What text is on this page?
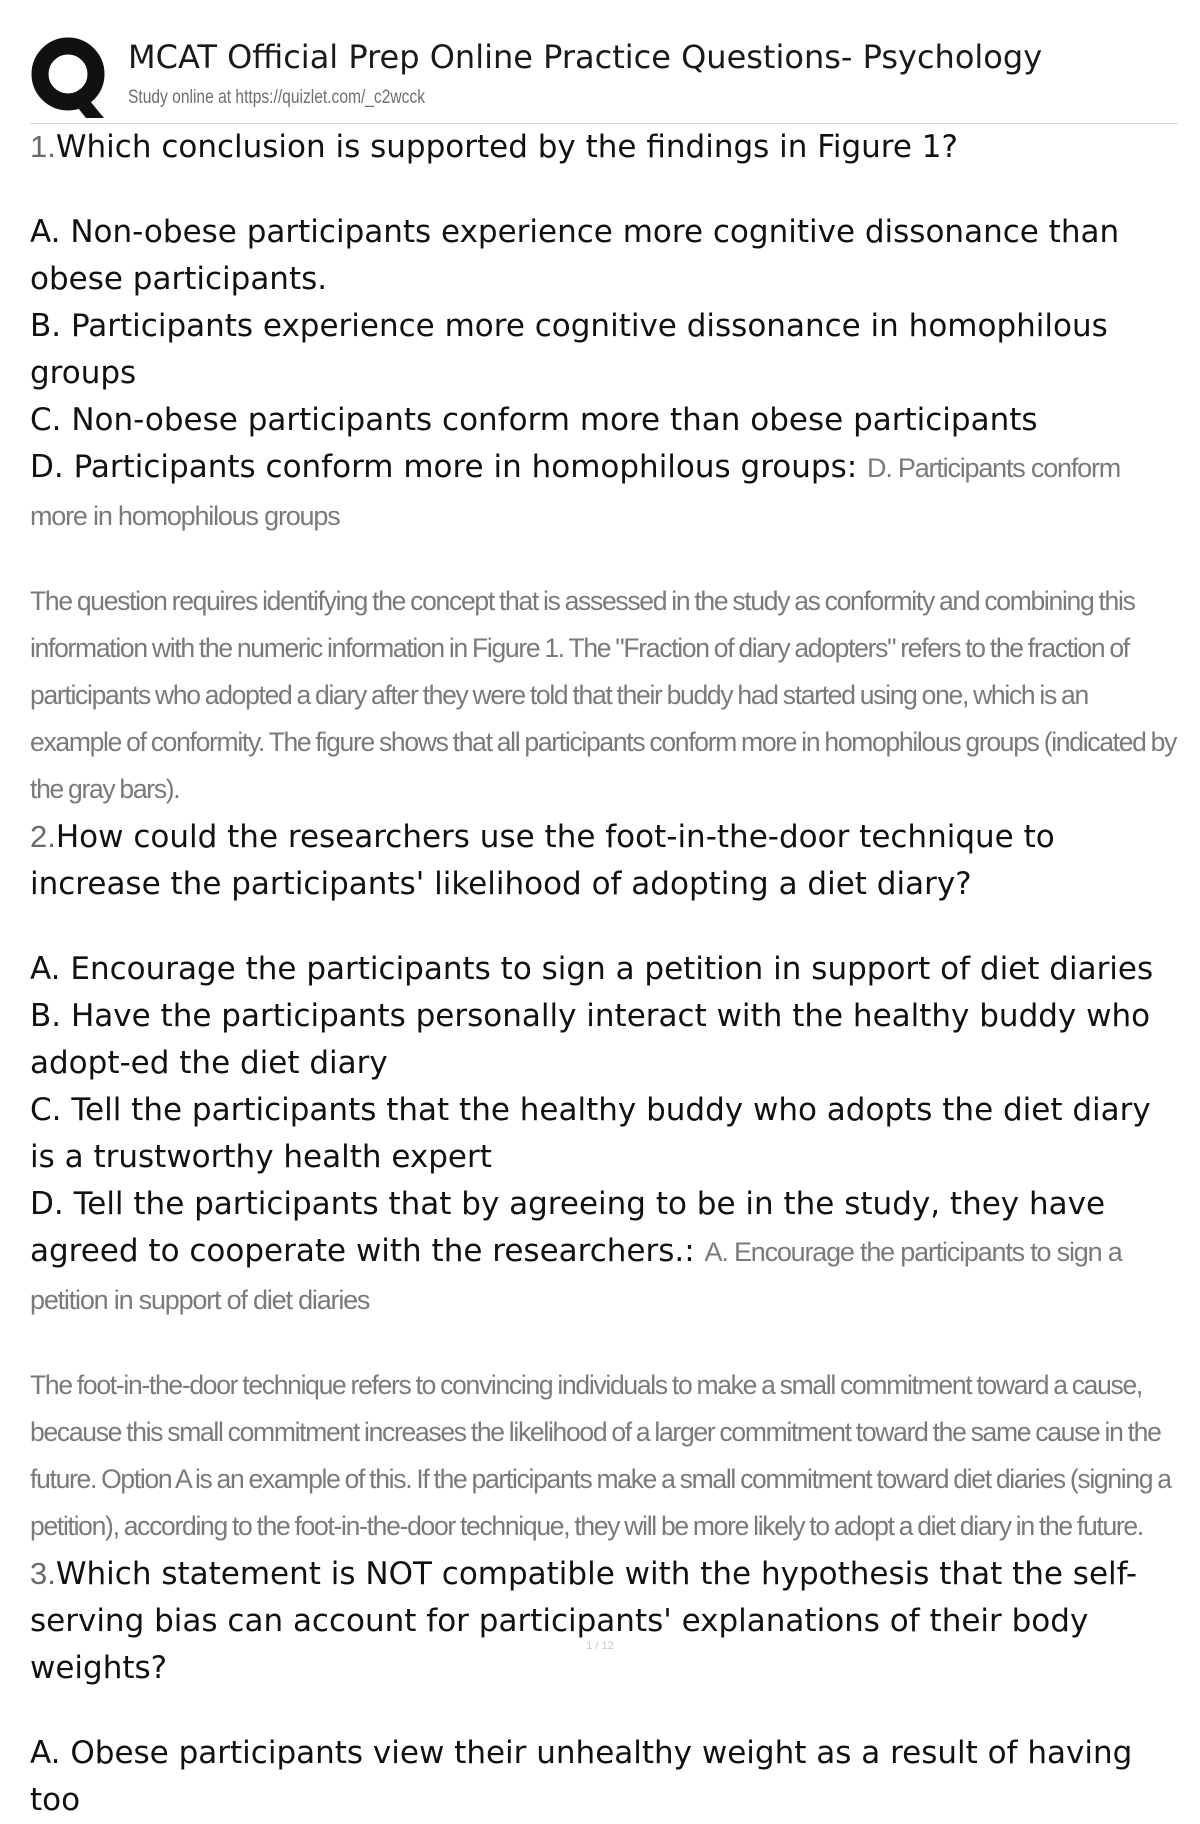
MCAT Official Prep Online Practice Questions- Psychology
Study online at https://quizlet.com/_c2wcck
1.Which conclusion is supported by the findings in Figure 1?
A. Non-obese participants experience more cognitive dissonance than obese participants.
B. Participants experience more cognitive dissonance in homophilous groups
C. Non-obese participants conform more than obese participants
D. Participants conform more in homophilous groups: D. Participants conform more in homophilous groups
The question requires identifying the concept that is assessed in the study as conformity and combining this information with the numeric information in Figure 1. The "Fraction of diary adopters" refers to the fraction of participants who adopted a diary after they were told that their buddy had started using one, which is an example of conformity. The figure shows that all participants conform more in homophilous groups (indicated by the gray bars).
2.How could the researchers use the foot-in-the-door technique to increase the participants' likelihood of adopting a diet diary?
A. Encourage the participants to sign a petition in support of diet diaries
B. Have the participants personally interact with the healthy buddy who adopt-ed the diet diary
C. Tell the participants that the healthy buddy who adopts the diet diary is a trustworthy health expert
D. Tell the participants that by agreeing to be in the study, they have agreed to cooperate with the researchers.: A. Encourage the participants to sign a petition in support of diet diaries
The foot-in-the-door technique refers to convincing individuals to make a small commitment toward a cause, because this small commitment increases the likelihood of a larger commitment toward the same cause in the future. Option A is an example of this. If the participants make a small commitment toward diet diaries (signing a petition), according to the foot-in-the-door technique, they will be more likely to adopt a diet diary in the future.
3.Which statement is NOT compatible with the hypothesis that the self-serving bias can account for participants' explanations of their body weights?
A. Obese participants view their unhealthy weight as a result of having too
1 / 12
